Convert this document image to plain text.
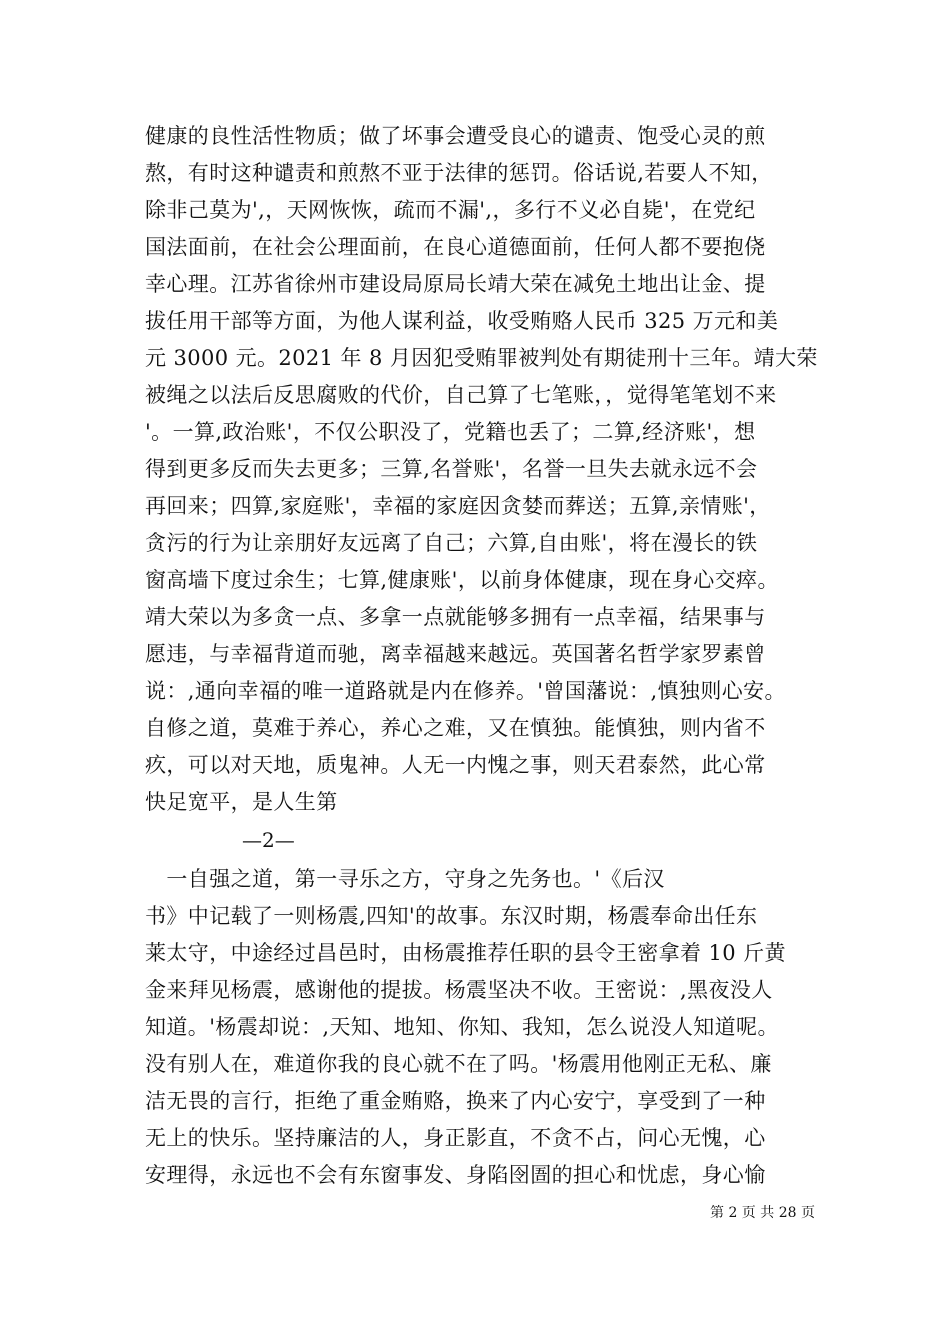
健康的良性活性物质；做了坏事会遭受良心的谴责、饱受心灵的煎
熬，有时这种谴责和煎熬不亚于法律的惩罚。俗话说,若要人不知，
除非己莫为',，天网恢恢，疏而不漏',，多行不义必自毙'，在党纪
国法面前，在社会公理面前，在良心道德面前，任何人都不要抱侥
幸心理。江苏省徐州市建设局原局长靖大荣在减免土地出让金、提
拔任用干部等方面，为他人谋利益，收受贿赂人民币 325 万元和美
元 3000 元。2021 年 8 月因犯受贿罪被判处有期徒刑十三年。靖大荣
被绳之以法后反思腐败的代价，自己算了七笔账，，觉得笔笔划不来
'。一算,政治账'，不仅公职没了，党籍也丢了；二算,经济账'，想
得到更多反而失去更多；三算,名誉账'，名誉一旦失去就永远不会
再回来；四算,家庭账'，幸福的家庭因贪婪而葬送；五算,亲情账'，
贪污的行为让亲朋好友远离了自己；六算,自由账'，将在漫长的铁
窗高墙下度过余生；七算,健康账'，以前身体健康，现在身心交瘁。
靖大荣以为多贪一点、多拿一点就能够多拥有一点幸福，结果事与
愿违，与幸福背道而驰，离幸福越来越远。英国著名哲学家罗素曾
说：,通向幸福的唯一道路就是内在修养。'曾国藩说：,慎独则心安。
自修之道，莫难于养心，养心之难，又在慎独。能慎独，则内省不
疚，可以对天地，质鬼神。人无一内愧之事，则天君泰然，此心常
快足宽平，是人生第
—2—
　一自强之道，第一寻乐之方，守身之先务也。'《后汉
书》中记载了一则杨震,四知'的故事。东汉时期，杨震奉命出任东
莱太守，中途经过昌邑时，由杨震推荐任职的县令王密拿着 10 斤黄
金来拜见杨震，感谢他的提拔。杨震坚决不收。王密说：,黑夜没人
知道。'杨震却说：,天知、地知、你知、我知，怎么说没人知道呢。
没有别人在，难道你我的良心就不在了吗。'杨震用他刚正无私、廉
洁无畏的言行，拒绝了重金贿赂，换来了内心安宁，享受到了一种
无上的快乐。坚持廉洁的人，身正影直，不贪不占，问心无愧，心
安理得，永远也不会有东窗事发、身陷囹圄的担心和忧虑，身心愉
第 2 页 共 28 页
